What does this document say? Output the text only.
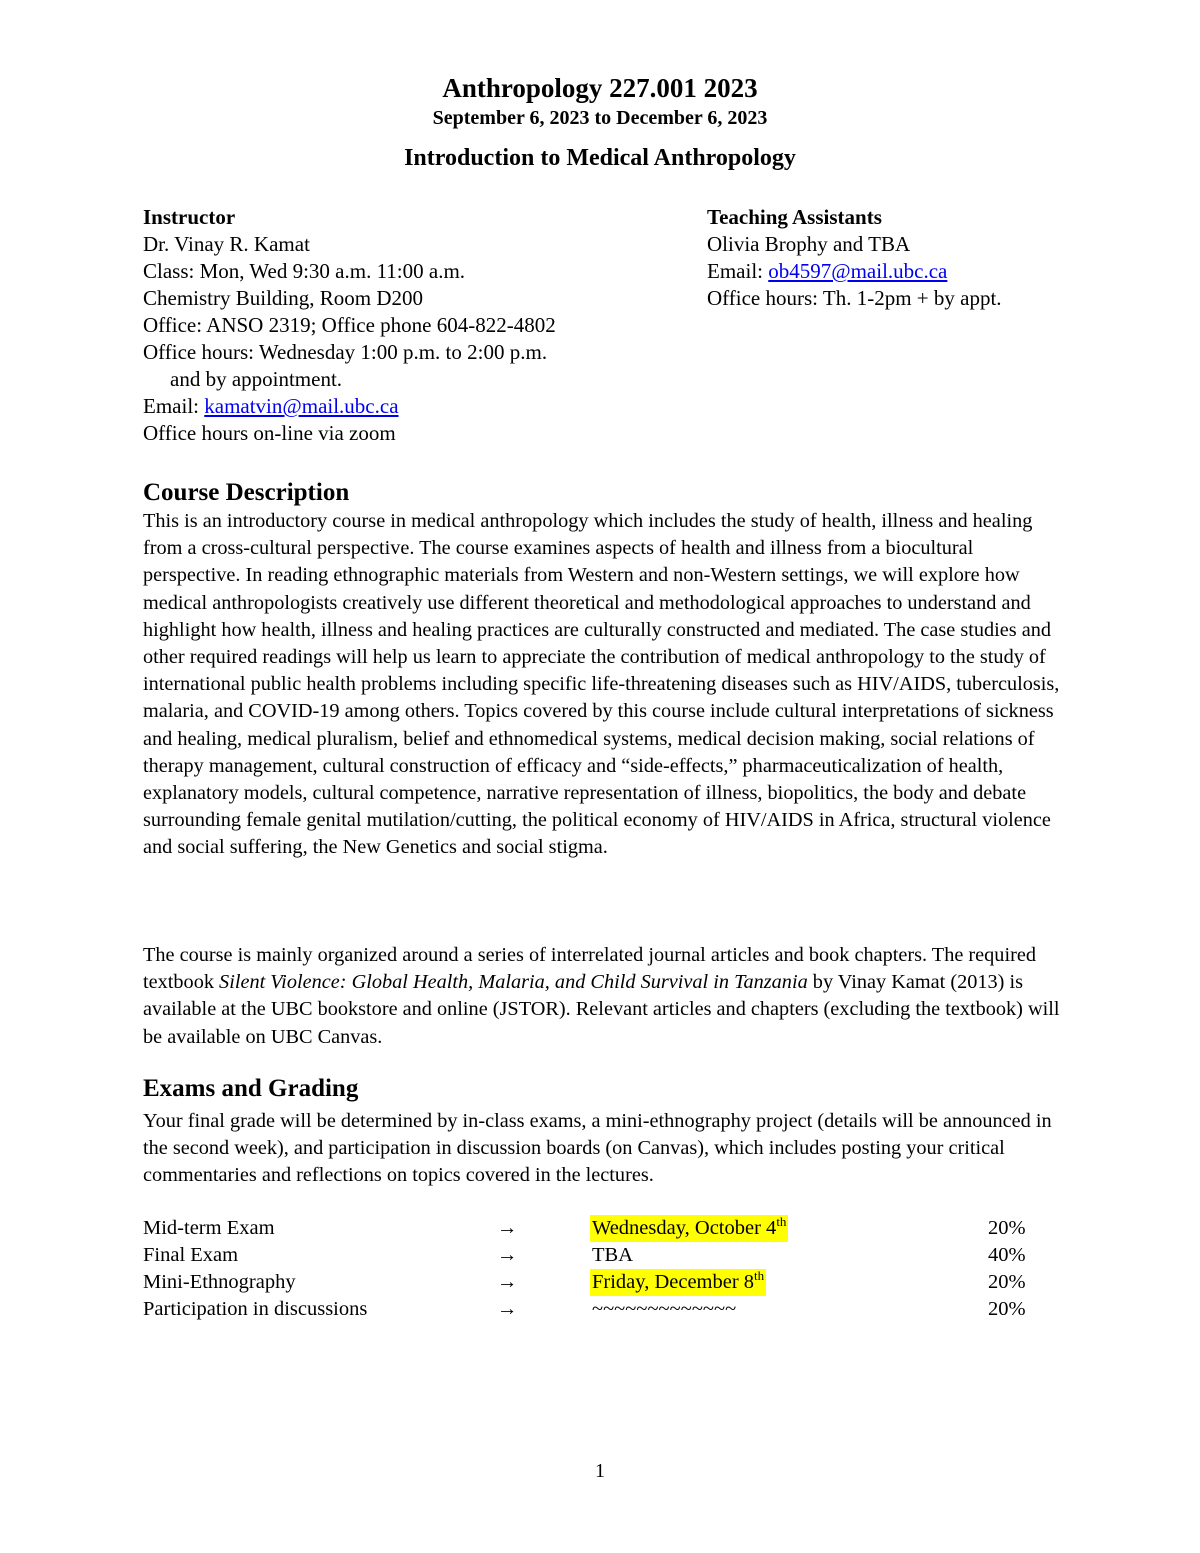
Anthropology 227.001 2023
September 6, 2023 to December 6, 2023
Introduction to Medical Anthropology
Instructor
Dr. Vinay R. Kamat
Class: Mon, Wed 9:30 a.m. 11:00 a.m.
Chemistry Building, Room D200
Office: ANSO 2319; Office phone 604-822-4802
Office hours: Wednesday 1:00 p.m. to 2:00 p.m.
and by appointment.
Email: kamatvin@mail.ubc.ca
Office hours on-line via zoom
Teaching Assistants
Olivia Brophy and TBA
Email: ob4597@mail.ubc.ca
Office hours: Th. 1-2pm + by appt.
Course Description
This is an introductory course in medical anthropology which includes the study of health, illness and healing from a cross-cultural perspective. The course examines aspects of health and illness from a biocultural perspective. In reading ethnographic materials from Western and non-Western settings, we will explore how medical anthropologists creatively use different theoretical and methodological approaches to understand and highlight how health, illness and healing practices are culturally constructed and mediated. The case studies and other required readings will help us learn to appreciate the contribution of medical anthropology to the study of international public health problems including specific life-threatening diseases such as HIV/AIDS, tuberculosis, malaria, and COVID-19 among others. Topics covered by this course include cultural interpretations of sickness and healing, medical pluralism, belief and ethnomedical systems, medical decision making, social relations of therapy management, cultural construction of efficacy and “side-effects,” pharmaceuticalization of health, explanatory models, cultural competence, narrative representation of illness, biopolitics, the body and debate surrounding female genital mutilation/cutting, the political economy of HIV/AIDS in Africa, structural violence and social suffering, the New Genetics and social stigma.
The course is mainly organized around a series of interrelated journal articles and book chapters. The required textbook Silent Violence: Global Health, Malaria, and Child Survival in Tanzania by Vinay Kamat (2013) is available at the UBC bookstore and online (JSTOR). Relevant articles and chapters (excluding the textbook) will be available on UBC Canvas.
Exams and Grading
Your final grade will be determined by in-class exams, a mini-ethnography project (details will be announced in the second week), and participation in discussion boards (on Canvas), which includes posting your critical commentaries and reflections on topics covered in the lectures.
Mid-term Exam	→	Wednesday, October 4th	20%
Final Exam	→	TBA	40%
Mini-Ethnography	→	Friday, December 8th	20%
Participation in discussions	→	~~~~~~~~~~~~~	20%
1
